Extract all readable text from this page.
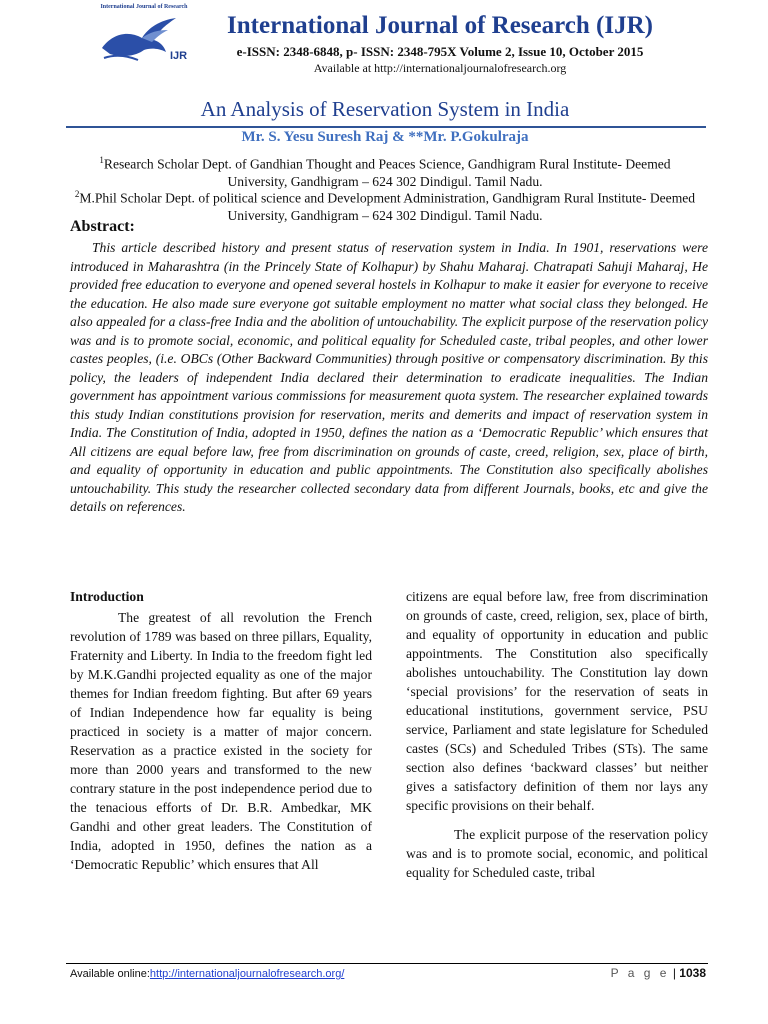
International Journal of Research
IJR
International Journal of Research (IJR)
e-ISSN: 2348-6848, p- ISSN: 2348-795X Volume 2, Issue 10, October 2015
Available at http://internationaljournalofresearch.org
An Analysis of Reservation System in India
Mr. S. Yesu Suresh Raj & **Mr. P.Gokulraja
$^1$Research Scholar Dept. of Gandhian Thought and Peaces Science, Gandhigram Rural Institute- Deemed University, Gandhigram – 624 302 Dindigul. Tamil Nadu.
$^2$M.Phil Scholar Dept. of political science and Development Administration, Gandhigram Rural Institute- Deemed University, Gandhigram – 624 302 Dindigul. Tamil Nadu.
Abstract:

This article described history and present status of reservation system in India. In 1901, reservations were introduced in Maharashtra (in the Princely State of Kolhapur) by Shahu Maharaj. Chatrapati Sahuji Maharaj, He provided free education to everyone and opened several hostels in Kolhapur to make it easier for everyone to receive the education. He also made sure everyone got suitable employment no matter what social class they belonged. He also appealed for a class-free India and the abolition of untouchability. The explicit purpose of the reservation policy was and is to promote social, economic, and political equality for Scheduled caste, tribal peoples, and other lower castes peoples, (i.e. OBCs (Other Backward Communities) through positive or compensatory discrimination. By this policy, the leaders of independent India declared their determination to eradicate inequalities. The Indian government has appointment various commissions for measurement quota system. The researcher explained towards this study Indian constitutions provision for reservation, merits and demerits and impact of reservation system in India. The Constitution of India, adopted in 1950, defines the nation as a ‘Democratic Republic’ which ensures that All citizens are equal before law, free from discrimination on grounds of caste, creed, religion, sex, place of birth, and equality of opportunity in education and public appointments. The Constitution also specifically abolishes untouchability. This study the researcher collected secondary data from different Journals, books, etc and give the details on references.

Introduction

The greatest of all revolution the French revolution of 1789 was based on three pillars, Equality, Fraternity and Liberty. In India to the freedom fight led by M.K.Gandhi projected equality as one of the major themes for Indian freedom fighting. But after 69 years of Indian Independence how far equality is being practiced in society is a matter of major concern. Reservation as a practice existed in the society for more than 2000 years and transformed to the new contrary stature in the post independence period due to the tenacious efforts of Dr. B.R. Ambedkar, MK Gandhi and other great leaders. The Constitution of India, adopted in 1950, defines the nation as a ‘Democratic Republic’ which ensures that All

citizens are equal before law, free from discrimination on grounds of caste, creed, religion, sex, place of birth, and equality of opportunity in education and public appointments. The Constitution also specifically abolishes untouchability. The Constitution lay down ‘special provisions’ for the reservation of seats in educational institutions, government service, PSU service, Parliament and state legislature for Scheduled castes (SCs) and Scheduled Tribes (STs). The same section also defines ‘backward classes’ but neither gives a satisfactory definition of them nor lays any specific provisions on their behalf.

The explicit purpose of the reservation policy was and is to promote social, economic, and political equality for Scheduled caste, tribal

Available online:http://internationaljournalofresearch.org/	P a g e | 1038
